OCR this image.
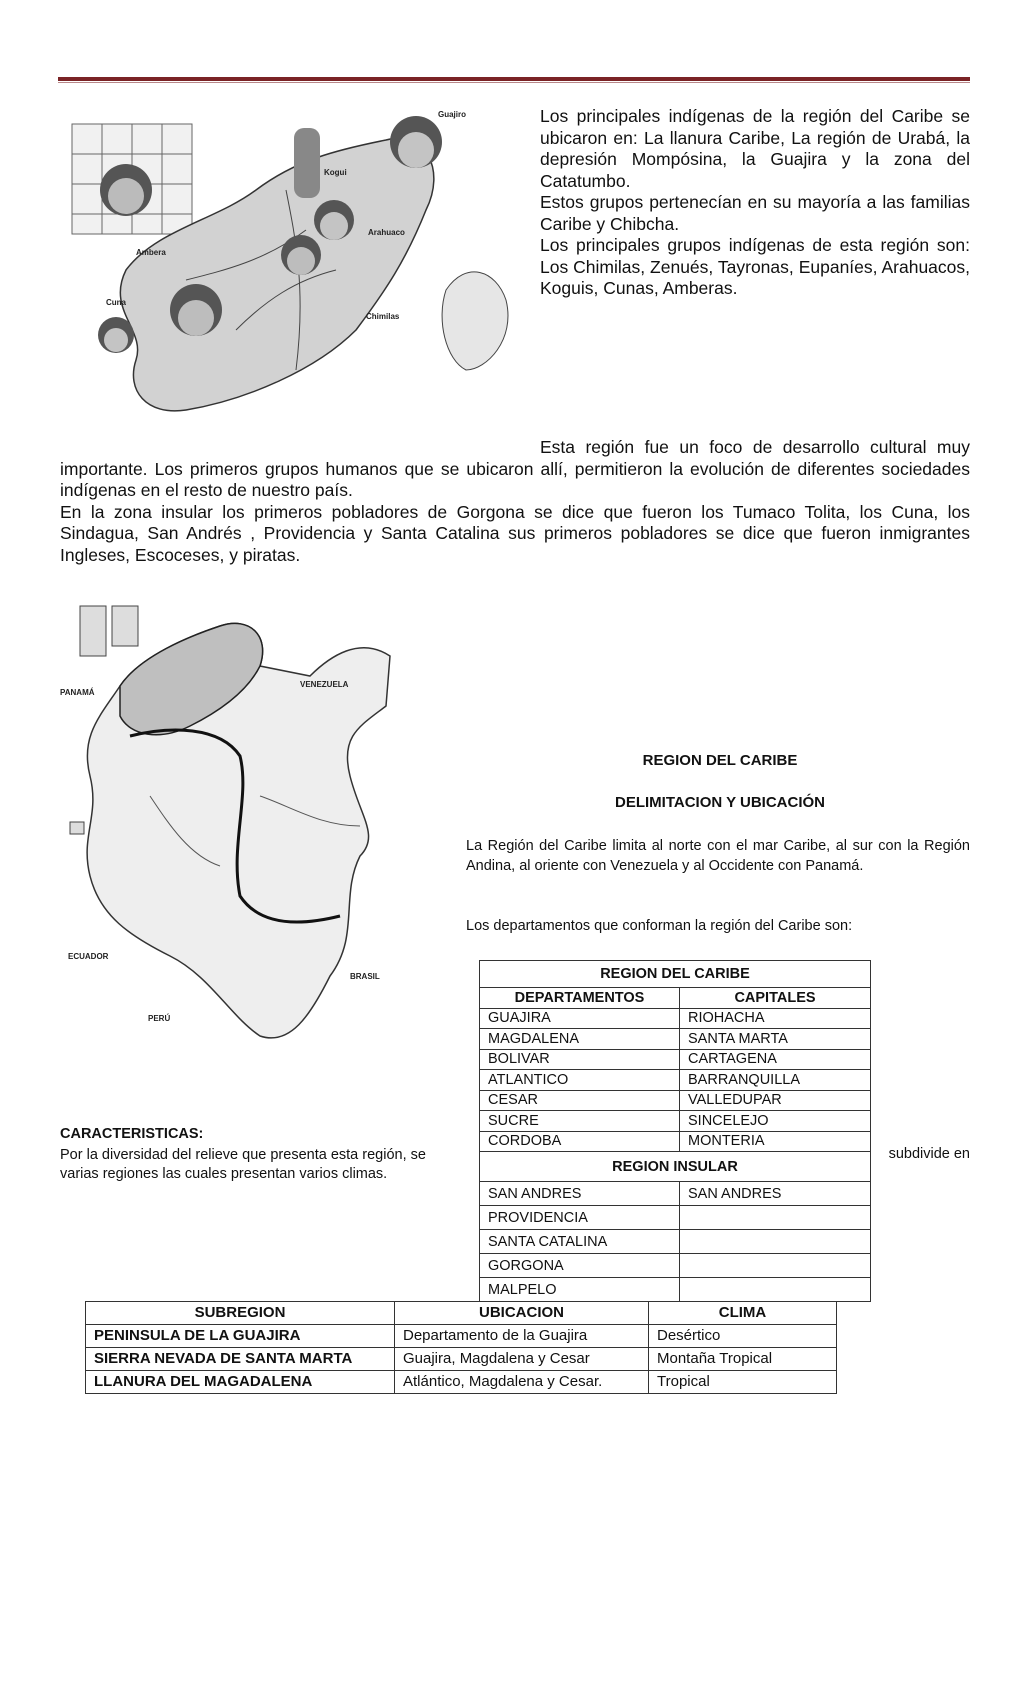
Guajiro
Kogui
Arahuaco
Ambera
Cuna
Chimilas
Los principales indígenas de la región del Caribe se ubicaron en: La llanura Caribe, La región de Urabá, la depresión Mompósina, la Guajira y la zona del Catatumbo.
Estos grupos pertenecían en su mayoría a las familias Caribe y Chibcha.
Los principales grupos indígenas de esta región son: Los Chimilas, Zenués, Tayronas, Eupaníes, Arahuacos, Koguis, Cunas, Amberas.
Esta región fue un foco de desarrollo cultural muy importante. Los primeros grupos humanos que se ubicaron allí, permitieron la evolución de diferentes sociedades indígenas en el resto de nuestro país.
En la zona insular los primeros pobladores de Gorgona se dice que fueron los Tumaco Tolita, los Cuna, los Sindagua, San Andrés , Providencia y Santa Catalina sus primeros pobladores se dice que fueron inmigrantes Ingleses, Escoceses, y piratas.
PANAMÁ
VENEZUELA
ECUADOR
BRASIL
PERÚ
REGION DEL CARIBE
DELIMITACION Y UBICACIÓN
La Región del Caribe limita al norte con el mar Caribe, al sur con la Región Andina, al oriente con Venezuela y al Occidente con Panamá.
Los departamentos que conforman la región del Caribe son:
CARACTERISTICAS:
Por la diversidad del relieve que presenta esta región, se
varias regiones las cuales presentan varios climas.
subdivide en
REGION DEL CARIBE	
DEPARTAMENTOS	CAPITALES
GUAJIRA	RIOHACHA
MAGDALENA	SANTA MARTA
BOLIVAR	CARTAGENA
ATLANTICO	BARRANQUILLA
CESAR	VALLEDUPAR
SUCRE	SINCELEJO
CORDOBA	MONTERIA
REGION INSULAR	
SAN ANDRES	SAN ANDRES
PROVIDENCIA	
SANTA CATALINA	
GORGONA	
MALPELO	
SUBREGION	UBICACION	CLIMA
PENINSULA DE LA GUAJIRA	Departamento de la Guajira	Desértico
SIERRA NEVADA DE SANTA MARTA	Guajira, Magdalena y Cesar	Montaña Tropical
LLANURA DEL MAGADALENA	Atlántico, Magdalena y Cesar.	Tropical
